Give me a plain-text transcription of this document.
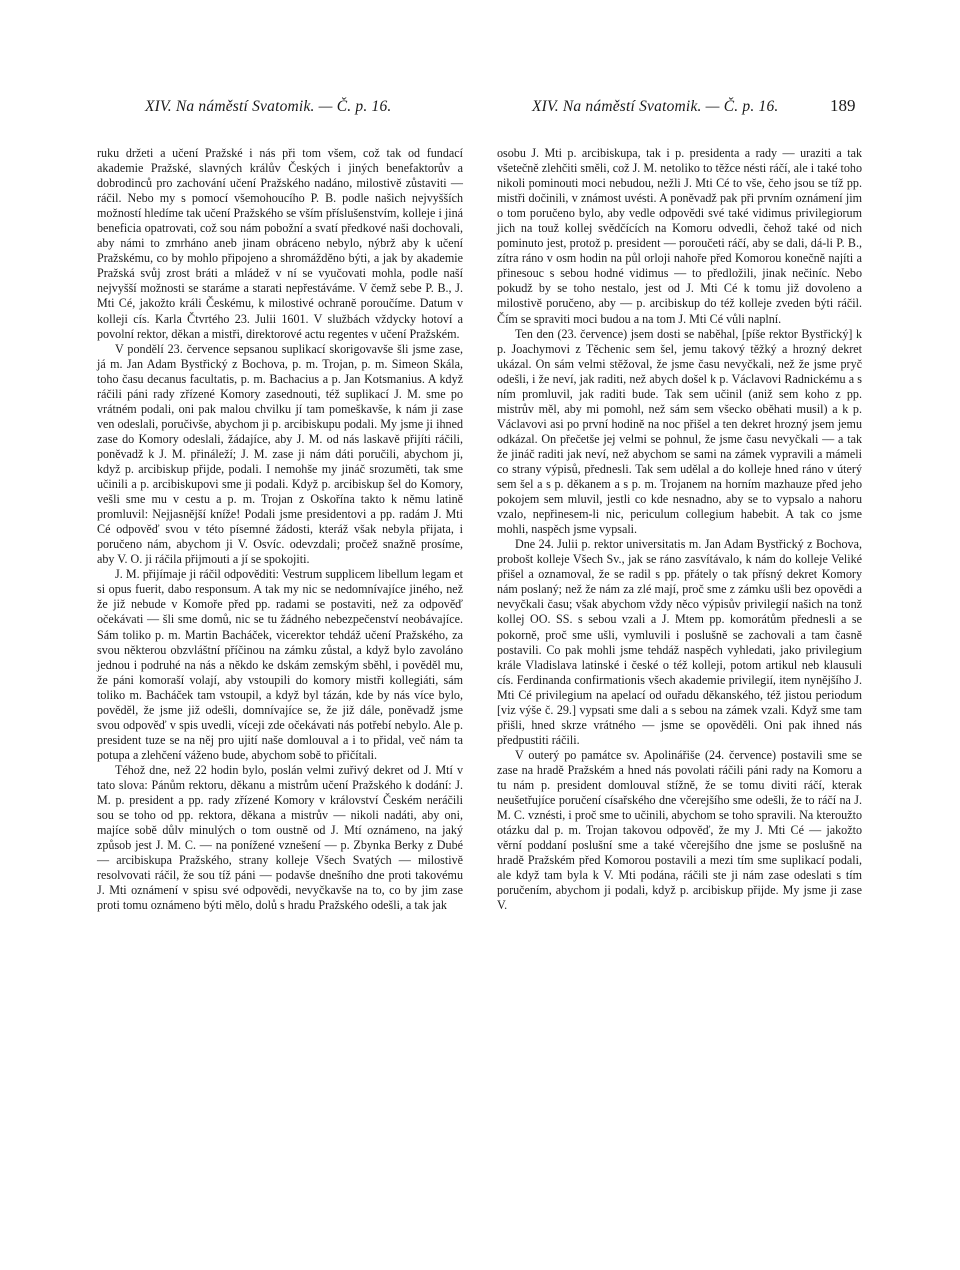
XIV. Na náměstí Svatomik. — Č. p. 16.	XIV. Na náměstí Svatomik. — Č. p. 16.	189

ruku držeti a učení Pražské i nás při tom všem, což tak od fundací akademie Pražské, slavných králův Českých i jiných benefaktorův a dobrodinců pro zachování učení Pražského nadáno, milostivě zůstaviti — ráčil. Nebo my s pomocí všemohoucího P. B. podle našich nejvyšších možností hledíme tak učení Pražského se vším příslušenstvím, kolleje i jiná beneficia opatrovati, což sou nám pobožní a svatí předkové naši dochovali, aby námi to zmrháno aneb jinam obráceno nebylo, nýbrž aby k učení Pražskému, co by mohlo připojeno a shromážděno býti, a jak by akademie Pražská svůj zrost bráti a mládež v ní se vyučovati mohla, podle naší nejvyšší možnosti se staráme a starati nepřestáváme. V čemž sebe P. B., J. Mti Cé, jakožto králi Českému, k milostivé ochraně poroučíme. Datum v kolleji cís. Karla Čtvrtého 23. Julii 1601. V službách vždycky hotoví a povolní rektor, děkan a mistři, direktorové actu regentes v učení Pražském.

V pondělí 23. července sepsanou suplikací skorigovavše šli jsme zase, já m. Jan Adam Bystřický z Bochova, p. m. Trojan, p. m. Simeon Skála, toho času decanus facultatis, p. m. Bachacius a p. Jan Kotsmanius. A když ráčili páni rady zřízené Komory zasednouti, též suplikací J. M. sme po vrátném podali, oni pak malou chvilku jí tam pomeškavše, k nám ji zase ven odeslali, poručivše, abychom ji p. arcibiskupu podali. My jsme ji ihned zase do Komory odeslali, žádajíce, aby J. M. od nás laskavě přijíti ráčili, poněvadž k J. M. přináleží; J. M. zase ji nám dáti poručili, abychom ji, když p. arcibiskup přijde, podali. I nemohše my jináč srozuměti, tak sme učinili a p. arcibiskupovi sme ji podali. Když p. arcibiskup šel do Komory, vešli sme mu v cestu a p. m. Trojan z Oskořína takto k němu latině promluvil: Nejjasnější kníže! Podali jsme presidentovi a pp. radám J. Mti Cé odpověď svou v této písemné žádosti, kteráž však nebyla přijata, i poručeno nám, abychom ji V. Osvíc. odevzdali; pročež snažně prosíme, aby V. O. ji ráčila přijmouti a jí se spokojiti.

J. M. přijímaje ji ráčil odpověditi: Vestrum supplicem libellum legam et si opus fuerit, dabo responsum. A tak my nic se nedomnívajíce jiného, než že již nebude v Komoře před pp. radami se postaviti, než za odpověď očekávati — šli sme domů, nic se tu žádného nebezpečenství neobávajíce. Sám toliko p. m. Martin Bacháček, vicerektor tehdáž učení Pražského, za svou některou obzvláštní příčinou na zámku zůstal, a když bylo zavoláno jednou i podruhé na nás a někdo ke dskám zemským sběhl, i pověděl mu, že páni komoraší volají, aby vstoupili do komory mistři kollegiáti, sám toliko m. Bacháček tam vstoupil, a když byl tázán, kde by nás více bylo, pověděl, že jsme již odešli, domnívajíce se, že již dále, poněvadž jsme svou odpověď v spis uvedli, víceji zde očekávati nás potřebí nebylo. Ale p. president tuze se na něj pro ujití naše domlouval a i to přidal, več nám ta potupa a zlehčení váženo bude, abychom sobě to přičítali.

Téhož dne, než 22 hodin bylo, poslán velmi zuřivý dekret od J. Mtí v tato slova: Pánům rektoru, děkanu a mistrům učení Pražského k dodání: J. M. p. president a pp. rady zřízené Komory v království Českém neráčili sou se toho od pp. rektora, děkana a mistrův — nikoli nadáti, aby oni, majíce sobě důlv minulých o tom oustně od J. Mtí oznámeno, na jaký způsob jest J. M. C. — na ponížené vznešení — p. Zbynka Berky z Dubé — arcibiskupa Pražského, strany kolleje Všech Svatých — milostivě resolvovati ráčil, že sou tíž páni — podavše dnešního dne proti takovému J. Mti oznámení v spisu své odpovědi, nevyčkavše na to, co by jim zase proti tomu oznámeno býti mělo, dolů s hradu Pražského odešli, a tak jak

osobu J. Mti p. arcibiskupa, tak i p. presidenta a rady — uraziti a tak všetečně zlehčiti směli, což J. M. netoliko to těžce nésti ráčí, ale i také toho nikoli pominouti moci nebudou, nežli J. Mti Cé to vše, čeho jsou se tíž pp. mistři dočinili, v známost uvésti. A poněvadž pak při prvním oznámení jim o tom poručeno bylo, aby vedle odpovědi své také vidimus privilegiorum jich na touž kollej svědčících na Komoru odvedli, čehož také od nich pominuto jest, protož p. president — poroučeti ráčí, aby se dali, dá-li P. B., zítra ráno v osm hodin na půl orloji nahoře před Komorou konečně najíti a přinesouc s sebou hodné vidimus — to předložili, jinak nečiníc. Nebo pokudž by se toho nestalo, jest od J. Mti Cé k tomu již dovoleno a milostivě poručeno, aby — p. arcibiskup do též kolleje zveden býti ráčil. Čím se spraviti moci budou a na tom J. Mti Cé vůli naplní.

Ten den (23. července) jsem dosti se naběhal, [píše rektor Bystřický] k p. Joachymovi z Těchenic sem šel, jemu takový těžký a hrozný dekret ukázal. On sám velmi stěžoval, že jsme času nevyčkali, než že jsme pryč odešli, i že neví, jak raditi, než abych došel k p. Václavovi Radnickému a s ním promluvil, jak raditi bude. Tak sem učinil (aniž sem koho z pp. mistrův měl, aby mi pomohl, než sám sem všecko oběhati musil) a k p. Václavovi asi po první hodině na noc přišel a ten dekret hrozný jsem jemu odkázal. On přečetše jej velmi se pohnul, že jsme času nevyčkali — a tak že jináč raditi jak neví, než abychom se sami na zámek vypravili a mámeli co strany výpisů, přednesli. Tak sem udělal a do kolleje hned ráno v úterý sem šel a s p. děkanem a s p. m. Trojanem na horním mazhauze před jeho pokojem sem mluvil, jestli co kde nesnadno, aby se to vypsalo a nahoru vzalo, nepřinesem-li nic, periculum collegium habebit. A tak co jsme mohli, naspěch jsme vypsali.

Dne 24. Julii p. rektor universitatis m. Jan Adam Bystřický z Bochova, probošt kolleje Všech Sv., jak se ráno zasvítávalo, k nám do kolleje Veliké přišel a oznamoval, že se radil s pp. přátely o tak přísný dekret Komory nám poslaný; než že nám za zlé mají, proč sme z zámku ušli bez opovědi a nevyčkali času; však abychom vždy něco výpisův privilegií našich na tonž kollej OO. SS. s sebou vzali a J. Mtem pp. komorátům přednesli a se pokorně, proč sme ušli, vymluvili i poslušně se zachovali a tam časně postavili. Co pak mohli jsme tehdáž naspěch vyhledati, jako privilegium krále Vladislava latinské i české o též kolleji, potom artikul neb klausuli cís. Ferdinanda confirmationis všech akademie privilegií, item nynějšího J. Mti Cé privilegium na apelací od ouřadu děkanského, též jistou periodum [viz výše č. 29.] vypsati sme dali a s sebou na zámek vzali. Když sme tam přišli, hned skrze vrátného — jsme se opověděli. Oni pak ihned nás předpustiti ráčili.

V outerý po památce sv. Apolinářiše (24. července) postavili sme se zase na hradě Pražském a hned nás povolati ráčili páni rady na Komoru a tu nám p. president domlouval stížně, že se tomu diviti ráčí, kterak neušetřujíce poručení císařského dne včerejšího sme odešli, že to ráčí na J. M. C. vznésti, i proč sme to učinili, abychom se toho spravili. Na kteroužto otázku dal p. m. Trojan takovou odpověď, že my J. Mti Cé — jakožto věrní poddaní poslušní sme a také včerejšího dne jsme se poslušně na hradě Pražském před Komorou postavili a mezi tím sme suplikací podali, ale když tam byla k V. Mti podána, ráčili ste ji nám zase odeslati s tím poručením, abychom ji podali, když p. arcibiskup přijde. My jsme ji zase V.
